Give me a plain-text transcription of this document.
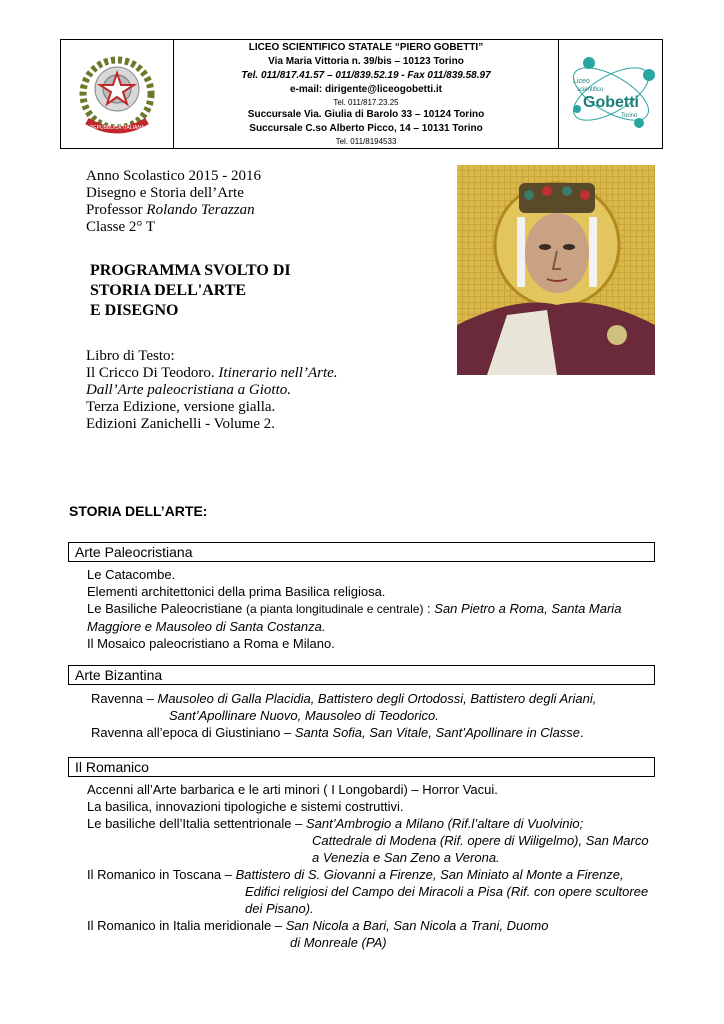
REPUBBLICA ITALIANA
Liceo
scientifico
Gobetti
Torino
LICEO SCIENTIFICO STATALE “PIERO GOBETTI”
Via Maria Vittoria n. 39/bis – 10123 Torino
Tel. 011/817.41.57 – 011/839.52.19 - Fax 011/839.58.97
e-mail: dirigente@liceogobetti.it
Tel. 011/817.23.25
Succursale Via. Giulia di Barolo 33 – 10124 Torino
Succursale C.so Alberto Picco, 14 – 10131 Torino
Tel. 011/8194533
Anno Scolastico 2015 - 2016
Disegno e Storia dell’Arte
Professor Rolando Terazzan
Classe 2° T
PROGRAMMA SVOLTO DI
STORIA DELL'ARTE
E DISEGNO
Libro di Testo:
Il Cricco Di Teodoro. Itinerario nell’Arte.
Dall’Arte paleocristiana a Giotto.
Terza Edizione, versione gialla.
Edizioni Zanichelli - Volume 2.
STORIA DELL’ARTE:
Arte Paleocristiana
Le Catacombe.
Elementi architettonici della prima Basilica religiosa.
Le Basiliche Paleocristiane (a pianta longitudinale e centrale) : San Pietro a Roma, Santa Maria
Maggiore e Mausoleo di Santa Costanza.
Il Mosaico paleocristiano a Roma e Milano.
Arte Bizantina
Ravenna – Mausoleo di Galla Placidia, Battistero degli Ortodossi, Battistero degli Ariani,
Sant’Apollinare Nuovo, Mausoleo di Teodorico.
Ravenna all’epoca di Giustiniano – Santa Sofia, San Vitale, Sant’Apollinare in Classe.
Il Romanico
Accenni all’Arte barbarica e le arti minori ( I Longobardi) – Horror Vacui.
La basilica, innovazioni tipologiche e sistemi costruttivi.
Le basiliche dell’Italia settentrionale – Sant’Ambrogio a Milano (Rif.l’altare di Vuolvinio;
Cattedrale di Modena (Rif. opere di Wiligelmo), San Marco
a Venezia e San Zeno a Verona.
Il Romanico in Toscana – Battistero di S. Giovanni a Firenze, San Miniato al Monte a Firenze,
Edifici religiosi del Campo dei Miracoli a Pisa (Rif. con opere scultoree
dei Pisano).
Il Romanico in Italia meridionale – San Nicola a Bari, San Nicola a Trani, Duomo
di Monreale (PA)
